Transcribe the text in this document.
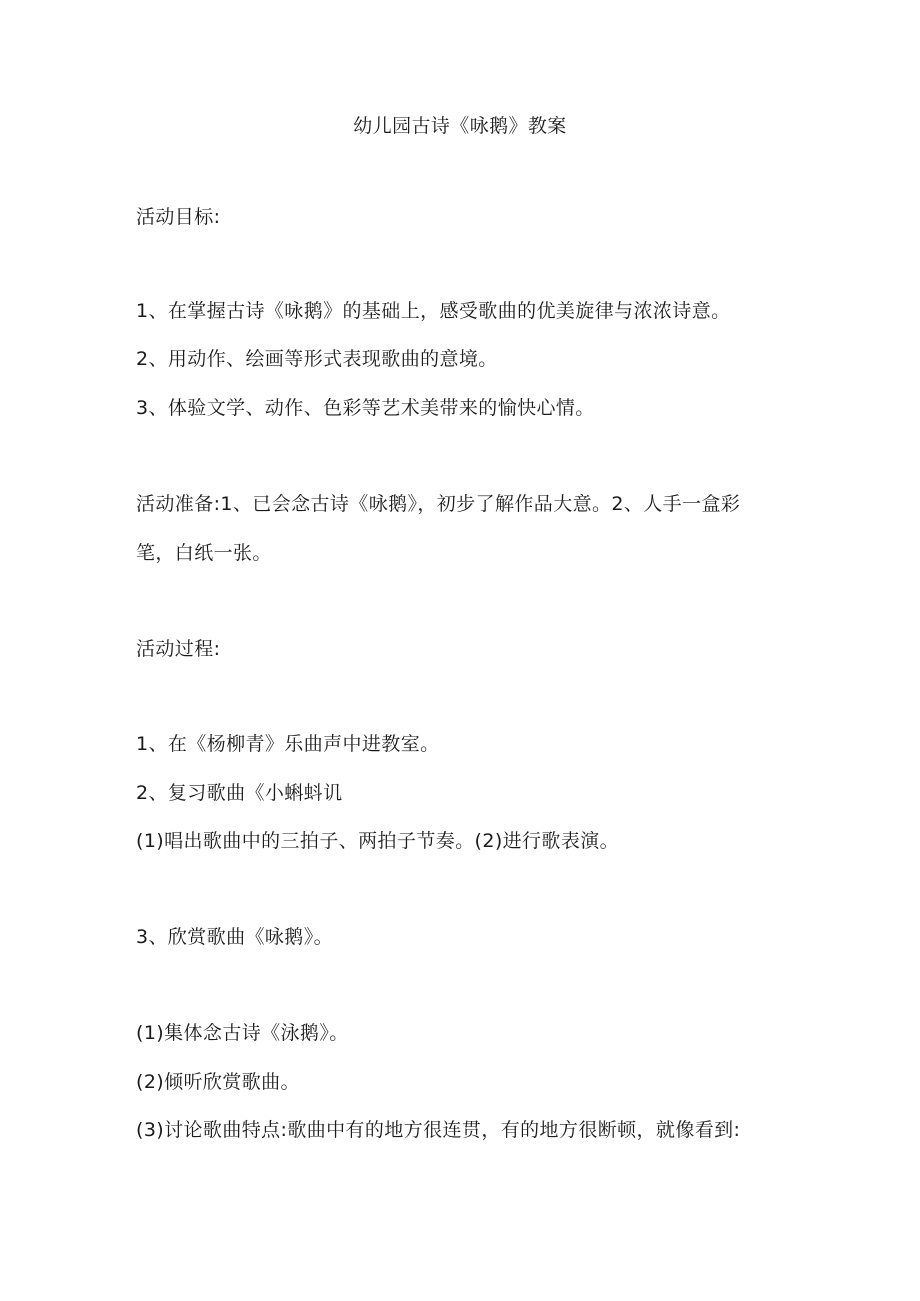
幼儿园古诗《咏鹅》教案
活动目标:
1、在掌握古诗《咏鹅》的基础上，感受歌曲的优美旋律与浓浓诗意。
2、用动作、绘画等形式表现歌曲的意境。
3、体验文学、动作、色彩等艺术美带来的愉快心情。
活动准备:1、已会念古诗《咏鹅》，初步了解作品大意。2、人手一盒彩
笔，白纸一张。
活动过程:
1、在《杨柳青》乐曲声中进教室。
2、复习歌曲《小蝌蚪讥
(1)唱出歌曲中的三拍子、两拍子节奏。(2)进行歌表演。
3、欣赏歌曲《咏鹅》。
(1)集体念古诗《泳鹅》。
(2)倾听欣赏歌曲。
(3)讨论歌曲特点:歌曲中有的地方很连贯，有的地方很断顿，就像看到:
